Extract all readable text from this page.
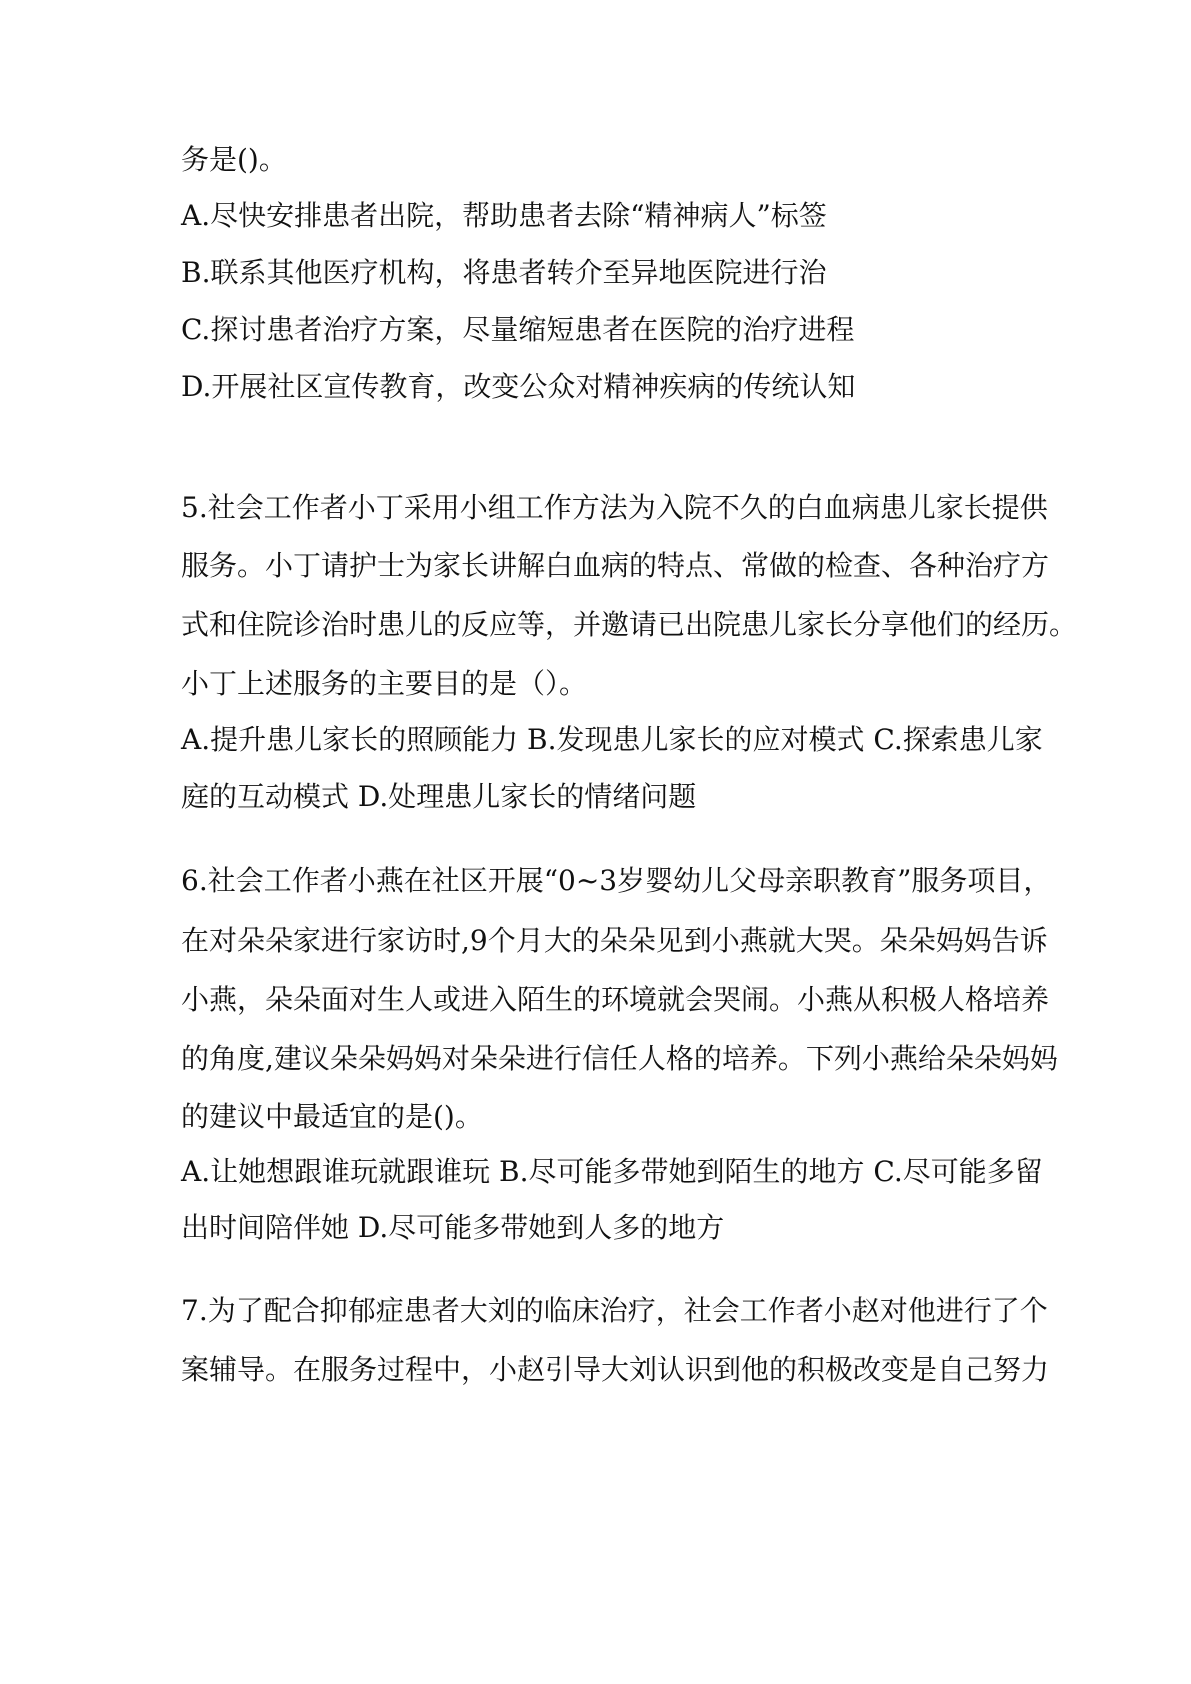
务是()。
A.尽快安排患者出院，帮助患者去除“精神病人”标签
B.联系其他医疗机构，将患者转介至异地医院进行治
C.探讨患者治疗方案，尽量缩短患者在医院的治疗进程
D.开展社区宣传教育，改变公众对精神疾病的传统认知
5.社会工作者小丁采用小组工作方法为入院不久的白血病患儿家长提供
服务。小丁请护士为家长讲解白血病的特点、常做的检查、各种治疗方
式和住院诊治时患儿的反应等，并邀请已出院患儿家长分享他们的经历。
小丁上述服务的主要目的是（）。
A.提升患儿家长的照顾能力 B.发现患儿家长的应对模式 C.探索患儿家
庭的互动模式 D.处理患儿家长的情绪问题
6.社会工作者小燕在社区开展“0~3岁婴幼儿父母亲职教育”服务项目，
在对朵朵家进行家访时,9个月大的朵朵见到小燕就大哭。朵朵妈妈告诉
小燕，朵朵面对生人或进入陌生的环境就会哭闹。小燕从积极人格培养
的角度,建议朵朵妈妈对朵朵进行信任人格的培养。下列小燕给朵朵妈妈
的建议中最适宜的是()。
A.让她想跟谁玩就跟谁玩 B.尽可能多带她到陌生的地方 C.尽可能多留
出时间陪伴她 D.尽可能多带她到人多的地方
7.为了配合抑郁症患者大刘的临床治疗，社会工作者小赵对他进行了个
案辅导。在服务过程中，小赵引导大刘认识到他的积极改变是自己努力
